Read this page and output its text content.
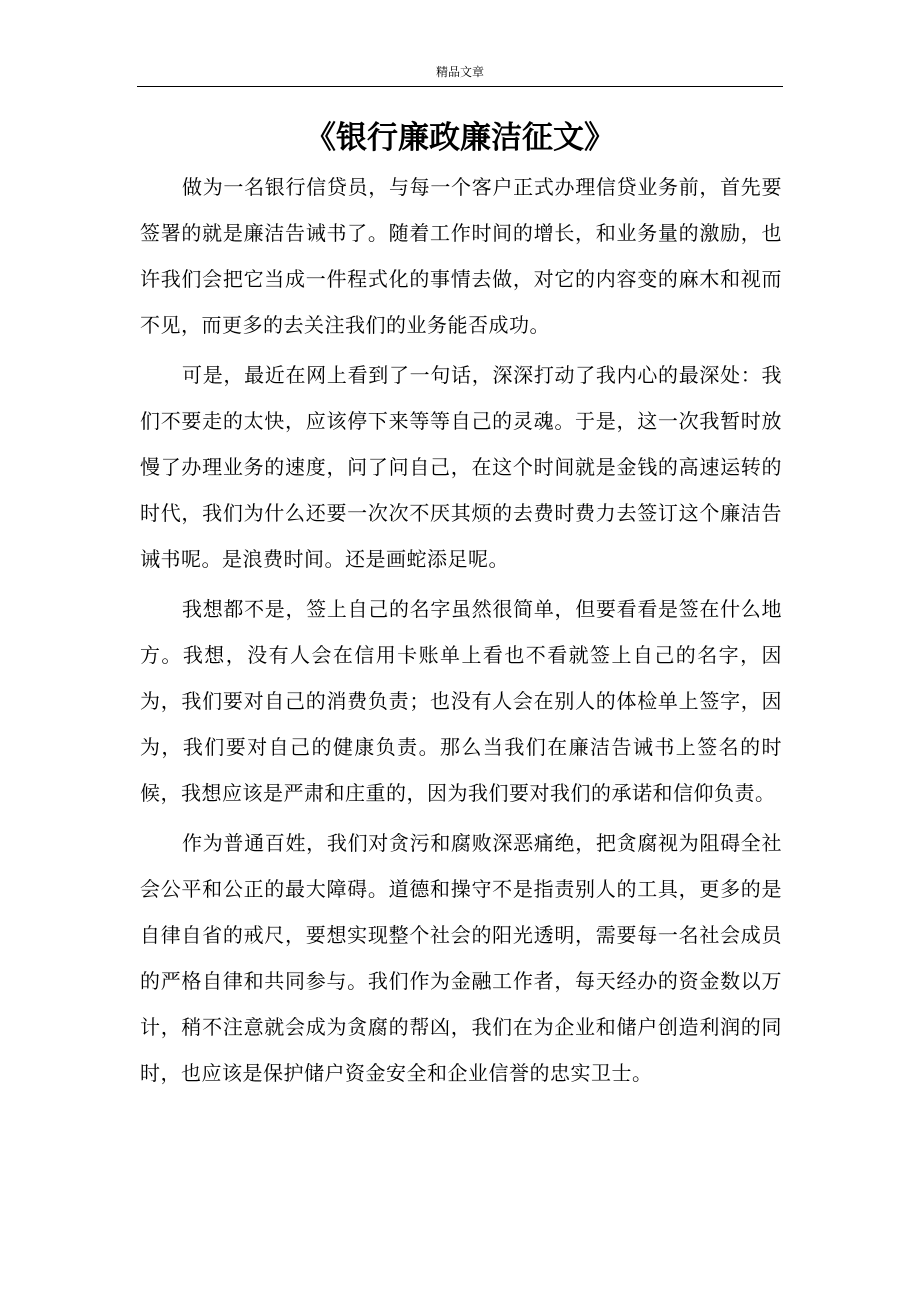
精品文章
《银行廉政廉洁征文》

做为一名银行信贷员，与每一个客户正式办理信贷业务前，首先要签署的就是廉洁告诫书了。随着工作时间的增长，和业务量的激励，也许我们会把它当成一件程式化的事情去做，对它的内容变的麻木和视而不见，而更多的去关注我们的业务能否成功。

可是，最近在网上看到了一句话，深深打动了我内心的最深处：我们不要走的太快，应该停下来等等自己的灵魂。于是，这一次我暂时放慢了办理业务的速度，问了问自己，在这个时间就是金钱的高速运转的时代，我们为什么还要一次次不厌其烦的去费时费力去签订这个廉洁告诫书呢。是浪费时间。还是画蛇添足呢。

我想都不是，签上自己的名字虽然很简单，但要看看是签在什么地方。我想，没有人会在信用卡账单上看也不看就签上自己的名字，因为，我们要对自己的消费负责；也没有人会在别人的体检单上签字，因为，我们要对自己的健康负责。那么当我们在廉洁告诫书上签名的时候，我想应该是严肃和庄重的，因为我们要对我们的承诺和信仰负责。

作为普通百姓，我们对贪污和腐败深恶痛绝，把贪腐视为阻碍全社会公平和公正的最大障碍。道德和操守不是指责别人的工具，更多的是自律自省的戒尺，要想实现整个社会的阳光透明，需要每一名社会成员的严格自律和共同参与。我们作为金融工作者，每天经办的资金数以万计，稍不注意就会成为贪腐的帮凶，我们在为企业和储户创造利润的同时，也应该是保护储户资金安全和企业信誉的忠实卫士。
